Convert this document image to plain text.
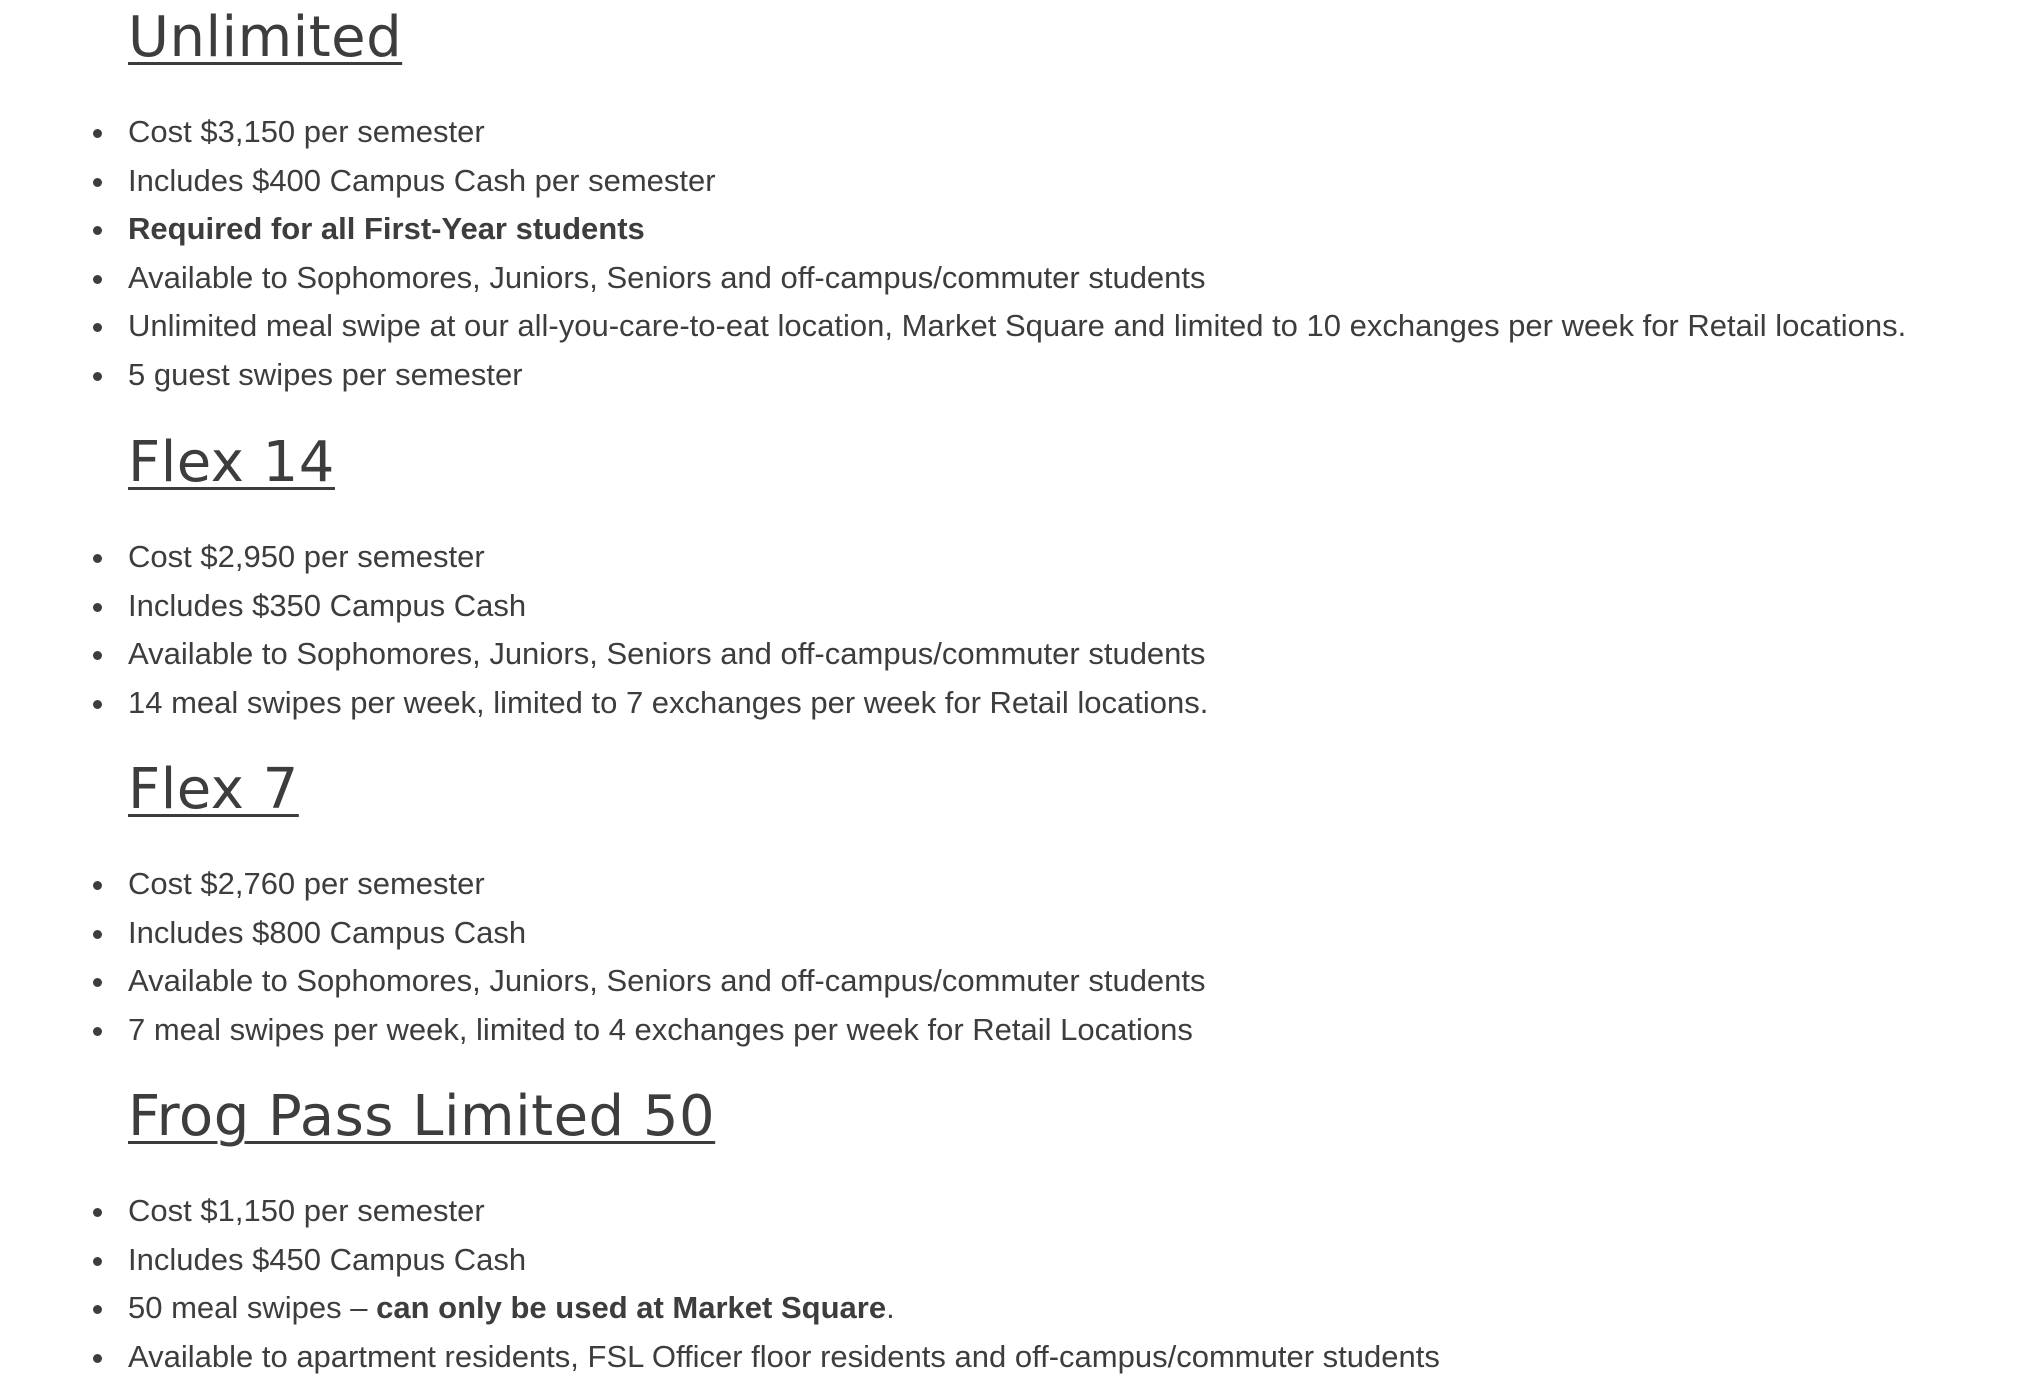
Unlimited
Cost $3,150 per semester
Includes $400 Campus Cash per semester
Required for all First-Year students
Available to Sophomores, Juniors, Seniors and off-campus/commuter students
Unlimited meal swipe at our all-you-care-to-eat location, Market Square and limited to 10 exchanges per week for Retail locations.
5 guest swipes per semester
Flex 14
Cost $2,950 per semester
Includes $350 Campus Cash
Available to Sophomores, Juniors, Seniors and off-campus/commuter students
14 meal swipes per week, limited to 7 exchanges per week for Retail locations.
Flex 7
Cost $2,760 per semester
Includes $800 Campus Cash
Available to Sophomores, Juniors, Seniors and off-campus/commuter students
7 meal swipes per week, limited to 4 exchanges per week for Retail Locations
Frog Pass Limited 50
Cost $1,150 per semester
Includes $450 Campus Cash
50 meal swipes – can only be used at Market Square.
Available to apartment residents, FSL Officer floor residents and off-campus/commuter students
